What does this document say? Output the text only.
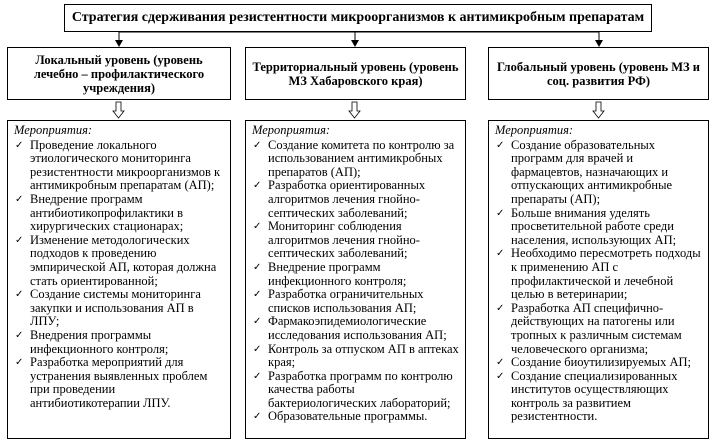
Стратегия сдерживания резистентности микроорганизмов к антимикробным препаратам
Локальный уровень (уровень лечебно – профилактического учреждения)
Территориальный уровень (уровень МЗ Хабаровского края)
Глобальный уровень (уровень МЗ и соц. развития РФ)
Мероприятия:
✓ Проведение локального этиологического мониторинга резистентности микроорганизмов к антимикробным препаратам (АП);
✓ Внедрение программ антибиотикопрофилактики в хирургических стационарах;
✓ Изменение методологических подходов к проведению эмпирической АП, которая должна стать ориентированной;
✓ Создание системы мониторинга закупки и использования АП в ЛПУ;
✓ Внедрения программы инфекционного контроля;
✓ Разработка мероприятий для устранения выявленных проблем при проведении антибиотикотерапии ЛПУ.
Мероприятия:
✓ Создание комитета по контролю за использованием антимикробных препаратов (АП);
✓ Разработка ориентированных алгоритмов лечения гнойно-септических заболеваний;
✓ Мониторинг соблюдения алгоритмов лечения гнойно-септических заболеваний;
✓ Внедрение программ инфекционного контроля;
✓ Разработка ограничительных списков использования АП;
✓ Фармакоэпидемиологические исследования использования АП;
✓ Контроль за отпуском АП в аптеках края;
✓ Разработка программ по контролю качества работы бактериологических лабораторий;
✓ Образовательные программы.
Мероприятия:
✓ Создание образовательных программ для врачей и фармацевтов, назначающих и отпускающих антимикробные препараты (АП);
✓ Больше внимания уделять просветительной работе среди населения, использующих АП;
✓ Необходимо пересмотреть подходы к применению АП с профилактической и лечебной целью в ветеринарии;
✓ Разработка АП специфично-действующих на патогены или тропных к различным системам человеческого организма;
✓ Создание биоутилизируемых АП;
✓ Создание специализированных институтов осуществляющих контроль за развитием резистентности.
